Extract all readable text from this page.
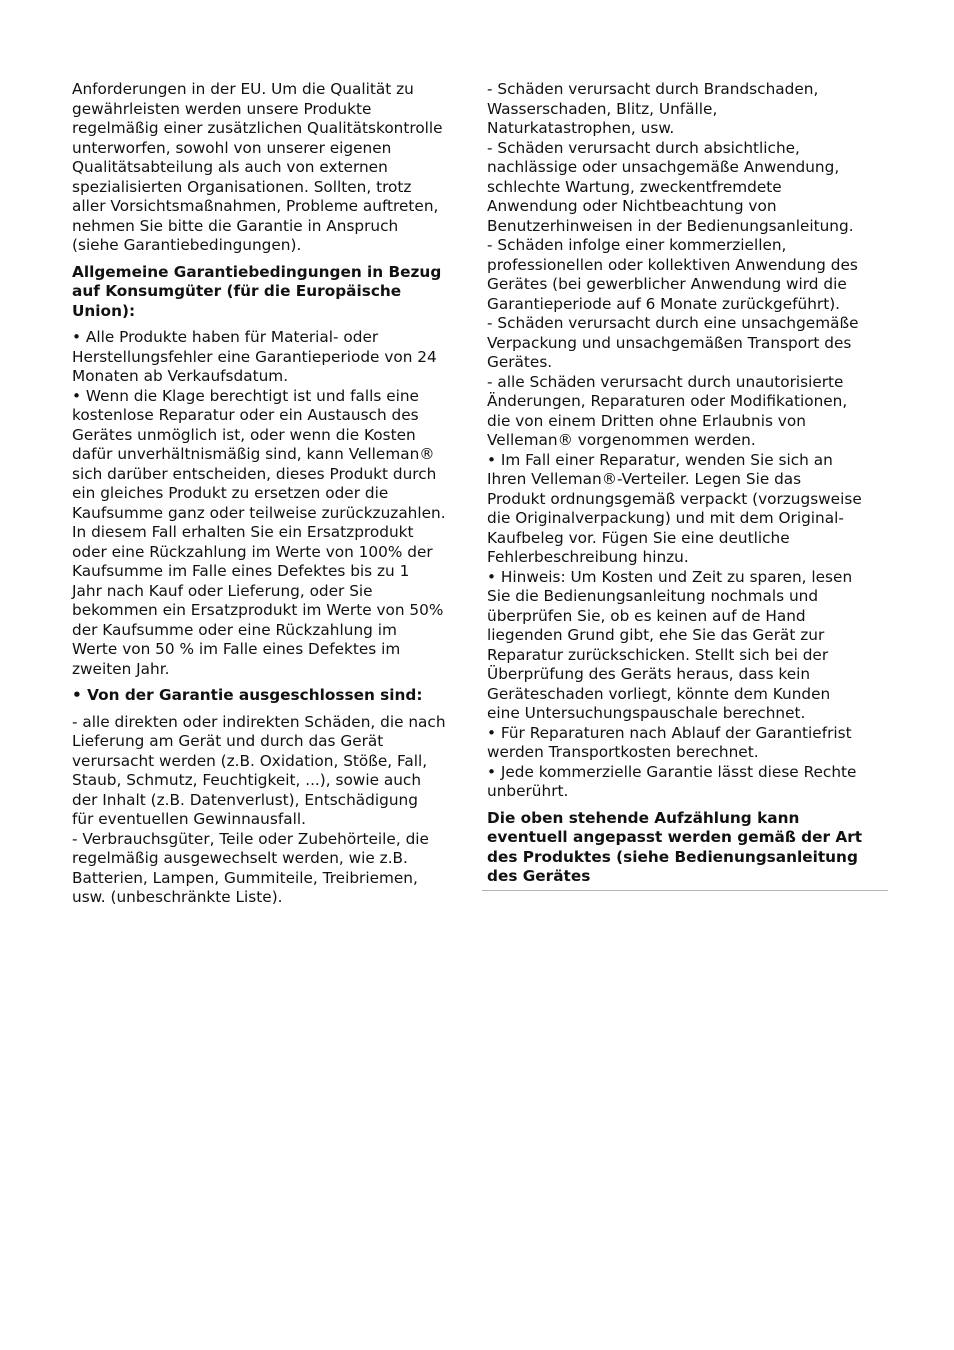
Anforderungen in der EU. Um die Qualität zu
gewährleisten werden unsere Produkte
regelmäßig einer zusätzlichen Qualitätskontrolle
unterworfen, sowohl von unserer eigenen
Qualitätsabteilung als auch von externen
spezialisierten Organisationen. Sollten, trotz
aller Vorsichtsmaßnahmen, Probleme auftreten,
nehmen Sie bitte die Garantie in Anspruch
(siehe Garantiebedingungen).
Allgemeine Garantiebedingungen in Bezug
auf Konsumgüter (für die Europäische
Union):
• Alle Produkte haben für Material- oder
Herstellungsfehler eine Garantieperiode von 24
Monaten ab Verkaufsdatum.
• Wenn die Klage berechtigt ist und falls eine
kostenlose Reparatur oder ein Austausch des
Gerätes unmöglich ist, oder wenn die Kosten
dafür unverhältnismäßig sind, kann Velleman®
sich darüber entscheiden, dieses Produkt durch
ein gleiches Produkt zu ersetzen oder die
Kaufsumme ganz oder teilweise zurückzuzahlen.
In diesem Fall erhalten Sie ein Ersatzprodukt
oder eine Rückzahlung im Werte von 100% der
Kaufsumme im Falle eines Defektes bis zu 1
Jahr nach Kauf oder Lieferung, oder Sie
bekommen ein Ersatzprodukt im Werte von 50%
der Kaufsumme oder eine Rückzahlung im
Werte von 50 % im Falle eines Defektes im
zweiten Jahr.
• Von der Garantie ausgeschlossen sind:
- alle direkten oder indirekten Schäden, die nach
Lieferung am Gerät und durch das Gerät
verursacht werden (z.B. Oxidation, Stöße, Fall,
Staub, Schmutz, Feuchtigkeit, ...), sowie auch
der Inhalt (z.B. Datenverlust), Entschädigung
für eventuellen Gewinnausfall.
- Verbrauchsgüter, Teile oder Zubehörteile, die
regelmäßig ausgewechselt werden, wie z.B.
Batterien, Lampen, Gummiteile, Treibriemen,
usw. (unbeschränkte Liste).
- Schäden verursacht durch Brandschaden,
Wasserschaden, Blitz, Unfälle,
Naturkatastrophen, usw.
- Schäden verursacht durch absichtliche,
nachlässige oder unsachgemäße Anwendung,
schlechte Wartung, zweckentfremdete
Anwendung oder Nichtbeachtung von
Benutzerhinweisen in der Bedienungsanleitung.
- Schäden infolge einer kommerziellen,
professionellen oder kollektiven Anwendung des
Gerätes (bei gewerblicher Anwendung wird die
Garantieperiode auf 6 Monate zurückgeführt).
- Schäden verursacht durch eine unsachgemäße
Verpackung und unsachgemäßen Transport des
Gerätes.
- alle Schäden verursacht durch unautorisierte
Änderungen, Reparaturen oder Modifikationen,
die von einem Dritten ohne Erlaubnis von
Velleman® vorgenommen werden.
• Im Fall einer Reparatur, wenden Sie sich an
Ihren Velleman®-Verteiler. Legen Sie das
Produkt ordnungsgemäß verpackt (vorzugsweise
die Originalverpackung) und mit dem Original-
Kaufbeleg vor. Fügen Sie eine deutliche
Fehlerbeschreibung hinzu.
• Hinweis: Um Kosten und Zeit zu sparen, lesen
Sie die Bedienungsanleitung nochmals und
überprüfen Sie, ob es keinen auf de Hand
liegenden Grund gibt, ehe Sie das Gerät zur
Reparatur zurückschicken. Stellt sich bei der
Überprüfung des Geräts heraus, dass kein
Geräteschaden vorliegt, könnte dem Kunden
eine Untersuchungspauschale berechnet.
• Für Reparaturen nach Ablauf der Garantiefrist
werden Transportkosten berechnet.
• Jede kommerzielle Garantie lässt diese Rechte
unberührt.
Die oben stehende Aufzählung kann
eventuell angepasst werden gemäß der Art
des Produktes (siehe Bedienungsanleitung
des Gerätes
